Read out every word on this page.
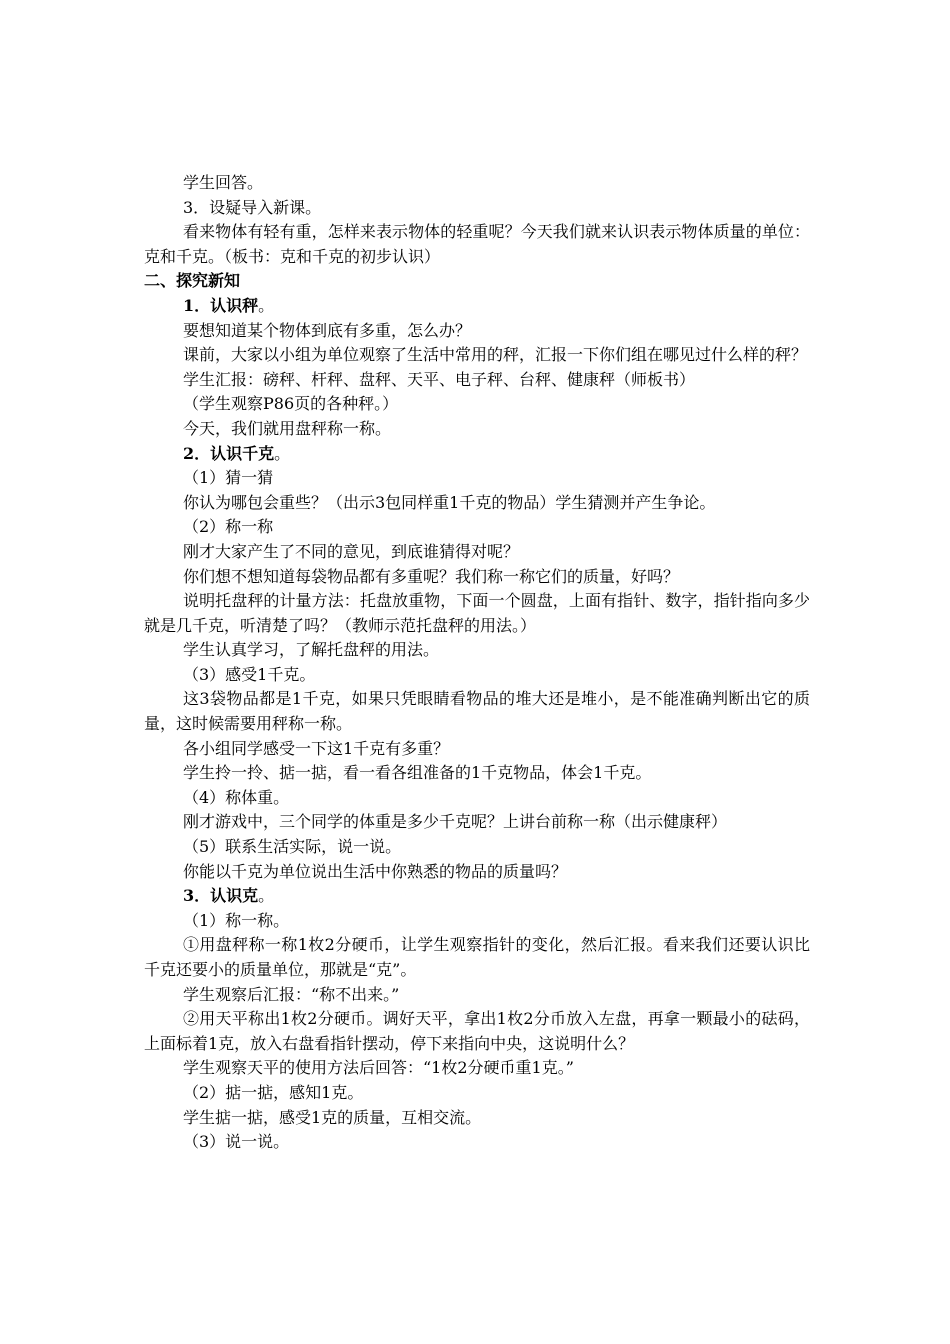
学生回答。

3．设疑导入新课。

看来物体有轻有重，怎样来表示物体的轻重呢？今天我们就来认识表示物体质量的单位：克和千克。（板书：克和千克的初步认识）

二、探究新知

1．认识秤。

要想知道某个物体到底有多重，怎么办？

课前，大家以小组为单位观察了生活中常用的秤，汇报一下你们组在哪见过什么样的秤？

学生汇报：磅秤、杆秤、盘秤、天平、电子秤、台秤、健康秤（师板书）

（学生观察P86页的各种秤。）

今天，我们就用盘秤称一称。

2．认识千克。

（1）猜一猜

你认为哪包会重些？（出示3包同样重1千克的物品）学生猜测并产生争论。

（2）称一称

刚才大家产生了不同的意见，到底谁猜得对呢？

你们想不想知道每袋物品都有多重呢？我们称一称它们的质量，好吗？

说明托盘秤的计量方法：托盘放重物，下面一个圆盘，上面有指针、数字，指针指向多少就是几千克，听清楚了吗？（教师示范托盘秤的用法。）

学生认真学习，了解托盘秤的用法。

（3）感受1千克。

这3袋物品都是1千克，如果只凭眼睛看物品的堆大还是堆小，是不能准确判断出它的质量，这时候需要用秤称一称。

各小组同学感受一下这1千克有多重？

学生拎一拎、掂一掂，看一看各组准备的1千克物品，体会1千克。

（4）称体重。

刚才游戏中，三个同学的体重是多少千克呢？上讲台前称一称（出示健康秤）

（5）联系生活实际，说一说。

你能以千克为单位说出生活中你熟悉的物品的质量吗？

3．认识克。

（1）称一称。

①用盘秤称一称1枚2分硬币，让学生观察指针的变化，然后汇报。看来我们还要认识比千克还要小的质量单位，那就是“克”。

学生观察后汇报：“称不出来。”

②用天平称出1枚2分硬币。调好天平，拿出1枚2分币放入左盘，再拿一颗最小的砝码，上面标着1克，放入右盘看指针摆动，停下来指向中央，这说明什么？

学生观察天平的使用方法后回答：“1枚2分硬币重1克。”

（2）掂一掂，感知1克。

学生掂一掂，感受1克的质量，互相交流。

（3）说一说。
